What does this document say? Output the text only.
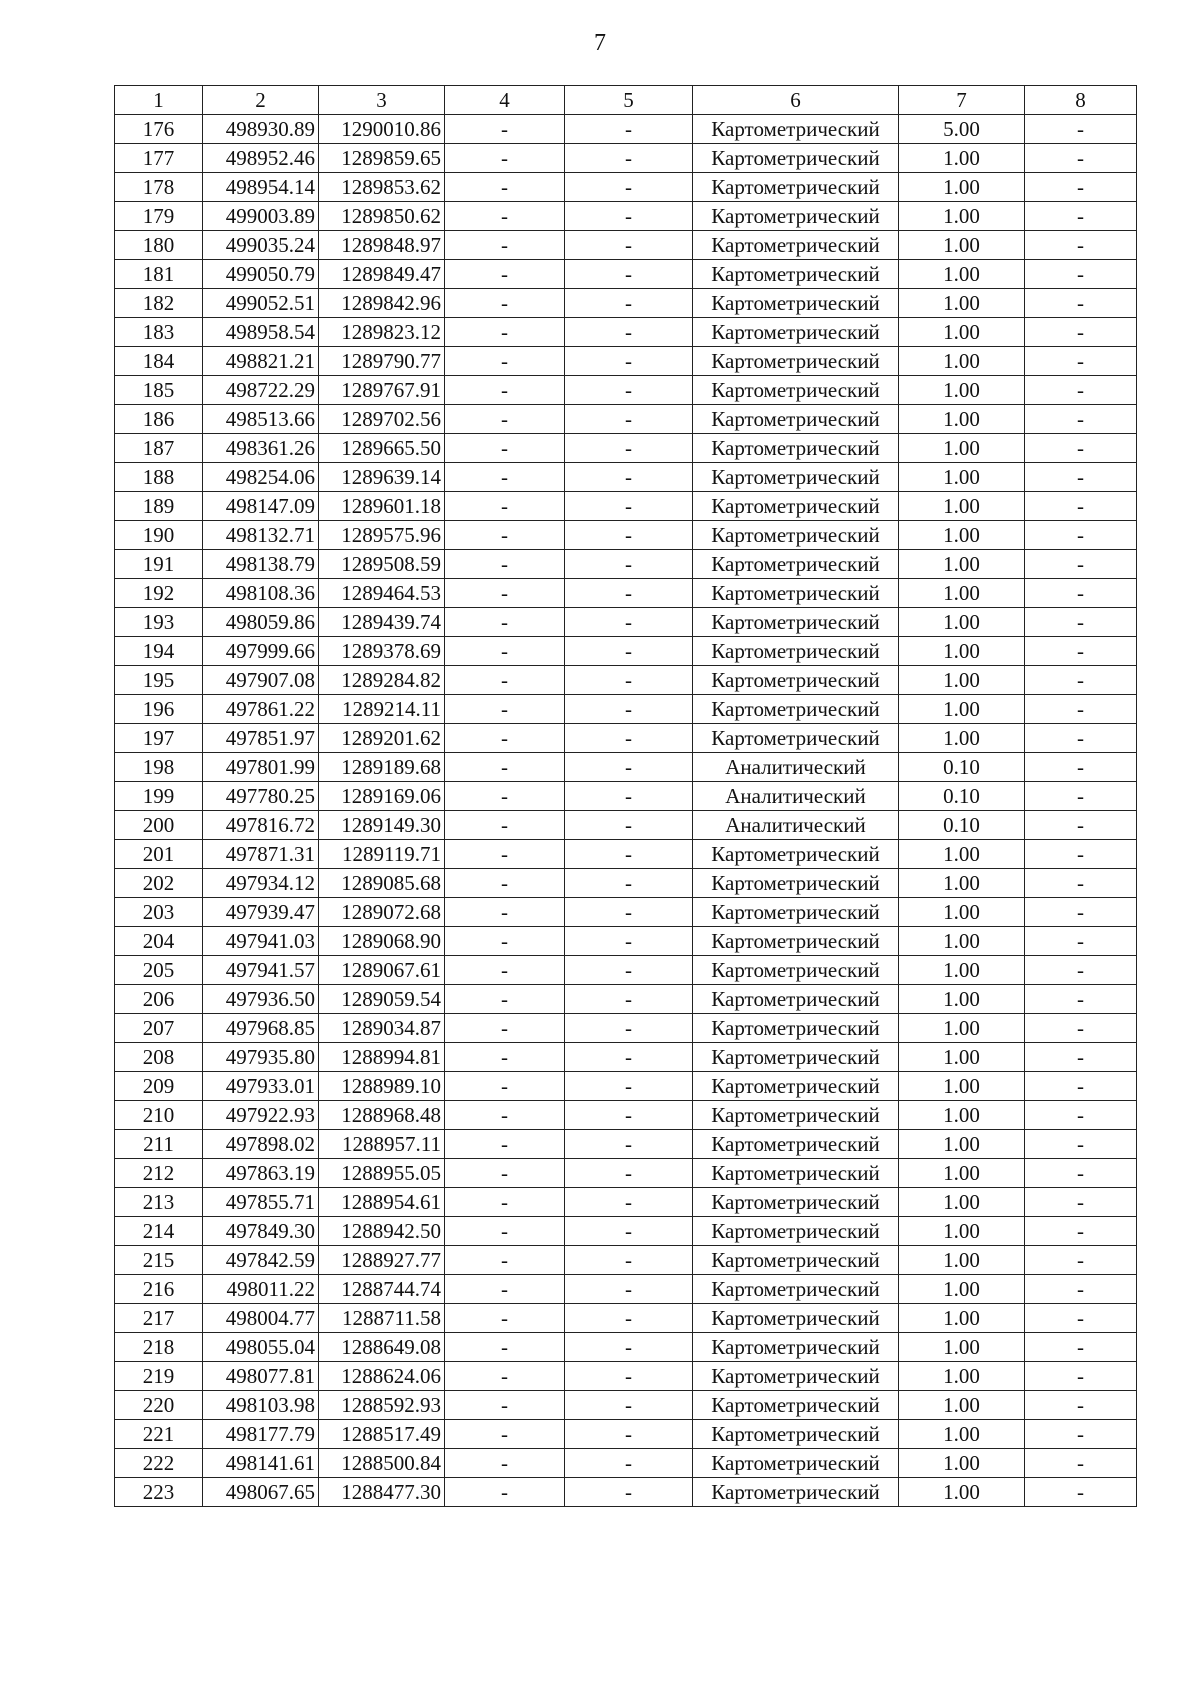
7
1	2	3	4	5	6	7	8
176	498930.89	1290010.86	-	-	Картометрический	5.00	-
177	498952.46	1289859.65	-	-	Картометрический	1.00	-
178	498954.14	1289853.62	-	-	Картометрический	1.00	-
179	499003.89	1289850.62	-	-	Картометрический	1.00	-
180	499035.24	1289848.97	-	-	Картометрический	1.00	-
181	499050.79	1289849.47	-	-	Картометрический	1.00	-
182	499052.51	1289842.96	-	-	Картометрический	1.00	-
183	498958.54	1289823.12	-	-	Картометрический	1.00	-
184	498821.21	1289790.77	-	-	Картометрический	1.00	-
185	498722.29	1289767.91	-	-	Картометрический	1.00	-
186	498513.66	1289702.56	-	-	Картометрический	1.00	-
187	498361.26	1289665.50	-	-	Картометрический	1.00	-
188	498254.06	1289639.14	-	-	Картометрический	1.00	-
189	498147.09	1289601.18	-	-	Картометрический	1.00	-
190	498132.71	1289575.96	-	-	Картометрический	1.00	-
191	498138.79	1289508.59	-	-	Картометрический	1.00	-
192	498108.36	1289464.53	-	-	Картометрический	1.00	-
193	498059.86	1289439.74	-	-	Картометрический	1.00	-
194	497999.66	1289378.69	-	-	Картометрический	1.00	-
195	497907.08	1289284.82	-	-	Картометрический	1.00	-
196	497861.22	1289214.11	-	-	Картометрический	1.00	-
197	497851.97	1289201.62	-	-	Картометрический	1.00	-
198	497801.99	1289189.68	-	-	Аналитический	0.10	-
199	497780.25	1289169.06	-	-	Аналитический	0.10	-
200	497816.72	1289149.30	-	-	Аналитический	0.10	-
201	497871.31	1289119.71	-	-	Картометрический	1.00	-
202	497934.12	1289085.68	-	-	Картометрический	1.00	-
203	497939.47	1289072.68	-	-	Картометрический	1.00	-
204	497941.03	1289068.90	-	-	Картометрический	1.00	-
205	497941.57	1289067.61	-	-	Картометрический	1.00	-
206	497936.50	1289059.54	-	-	Картометрический	1.00	-
207	497968.85	1289034.87	-	-	Картометрический	1.00	-
208	497935.80	1288994.81	-	-	Картометрический	1.00	-
209	497933.01	1288989.10	-	-	Картометрический	1.00	-
210	497922.93	1288968.48	-	-	Картометрический	1.00	-
211	497898.02	1288957.11	-	-	Картометрический	1.00	-
212	497863.19	1288955.05	-	-	Картометрический	1.00	-
213	497855.71	1288954.61	-	-	Картометрический	1.00	-
214	497849.30	1288942.50	-	-	Картометрический	1.00	-
215	497842.59	1288927.77	-	-	Картометрический	1.00	-
216	498011.22	1288744.74	-	-	Картометрический	1.00	-
217	498004.77	1288711.58	-	-	Картометрический	1.00	-
218	498055.04	1288649.08	-	-	Картометрический	1.00	-
219	498077.81	1288624.06	-	-	Картометрический	1.00	-
220	498103.98	1288592.93	-	-	Картометрический	1.00	-
221	498177.79	1288517.49	-	-	Картометрический	1.00	-
222	498141.61	1288500.84	-	-	Картометрический	1.00	-
223	498067.65	1288477.30	-	-	Картометрический	1.00	-
